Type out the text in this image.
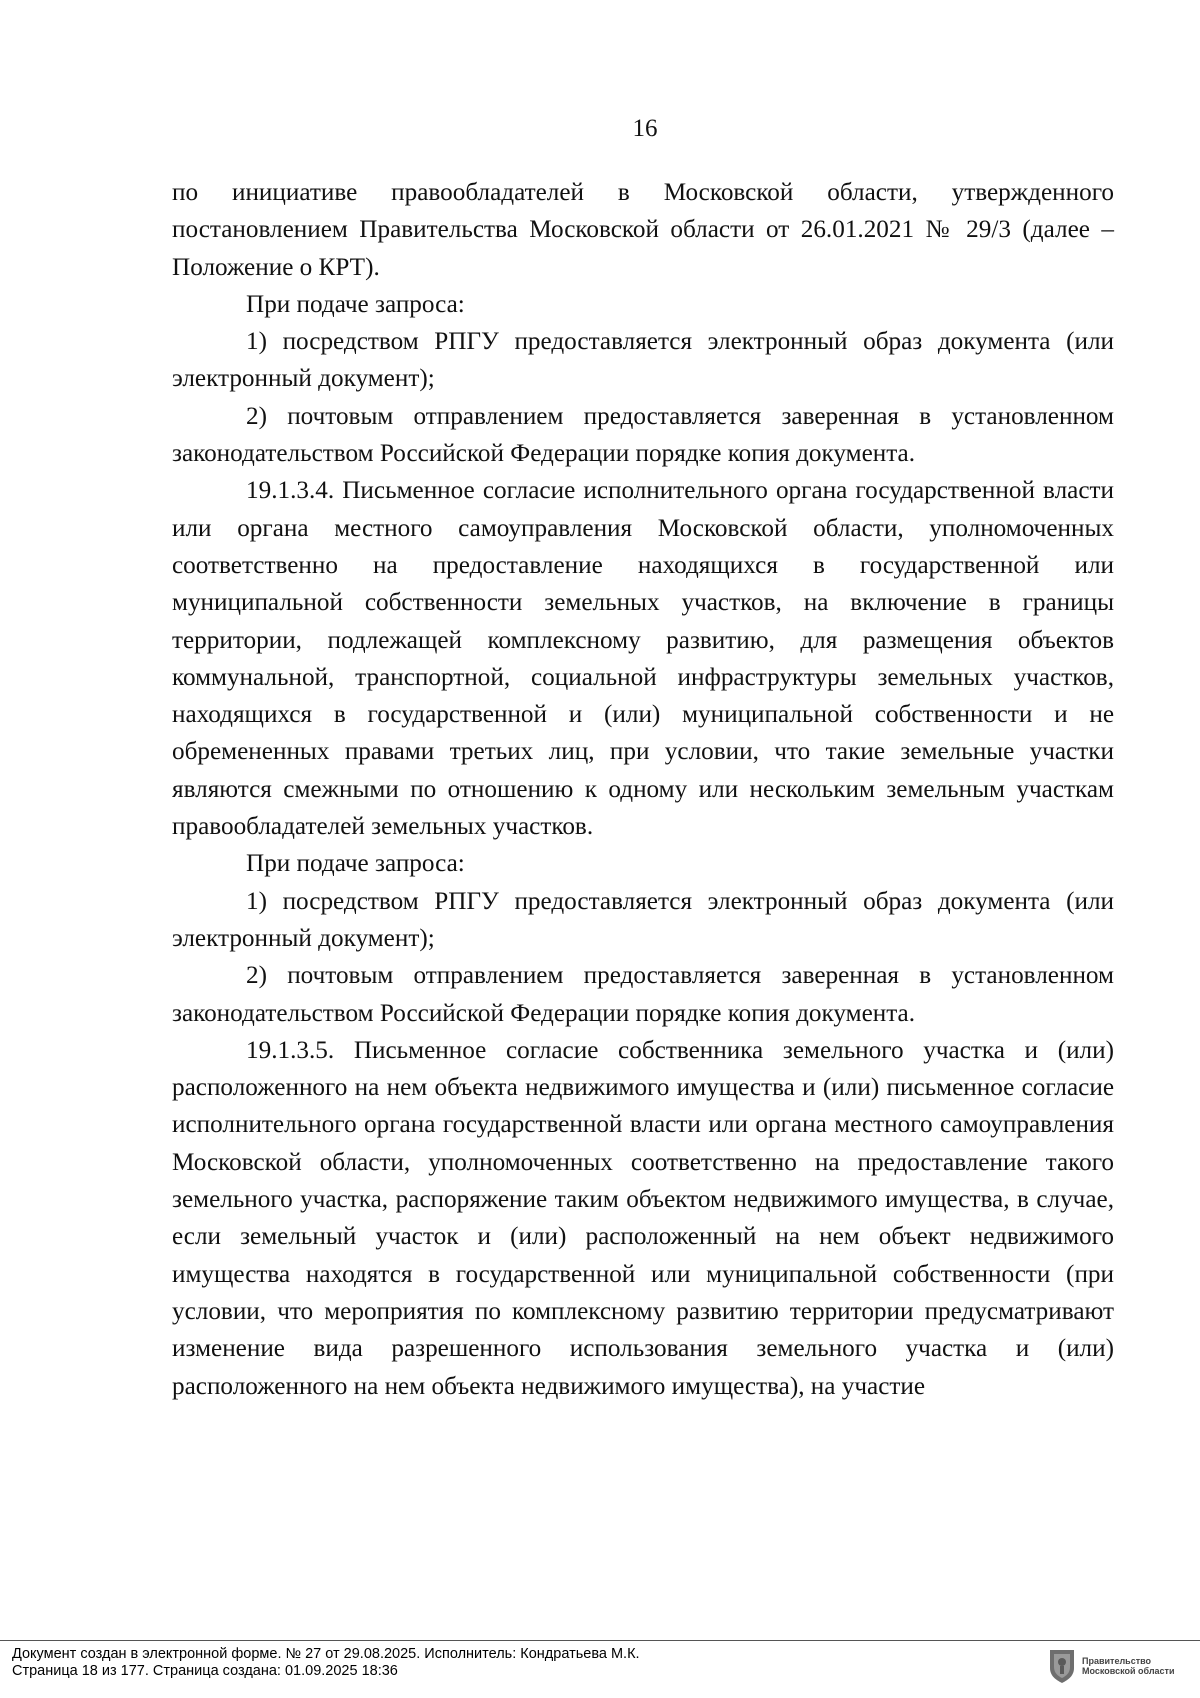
16

по инициативе правообладателей в Московской области, утвержденного постановлением Правительства Московской области от 26.01.2021 № 29/3 (далее – Положение о КРТ).

При подаче запроса:

1) посредством РПГУ предоставляется электронный образ документа (или электронный документ);

2) почтовым отправлением предоставляется заверенная в установленном законодательством Российской Федерации порядке копия документа.

19.1.3.4. Письменное согласие исполнительного органа государственной власти или органа местного самоуправления Московской области, уполномоченных соответственно на предоставление находящихся в государственной или муниципальной собственности земельных участков, на включение в границы территории, подлежащей комплексному развитию, для размещения объектов коммунальной, транспортной, социальной инфраструктуры земельных участков, находящихся в государственной и (или) муниципальной собственности и не обремененных правами третьих лиц, при условии, что такие земельные участки являются смежными по отношению к одному или нескольким земельным участкам правообладателей земельных участков.

При подаче запроса:

1) посредством РПГУ предоставляется электронный образ документа (или электронный документ);

2) почтовым отправлением предоставляется заверенная в установленном законодательством Российской Федерации порядке копия документа.

19.1.3.5. Письменное согласие собственника земельного участка и (или) расположенного на нем объекта недвижимого имущества и (или) письменное согласие исполнительного органа государственной власти или органа местного самоуправления Московской области, уполномоченных соответственно на предоставление такого земельного участка, распоряжение таким объектом недвижимого имущества, в случае, если земельный участок и (или) расположенный на нем объект недвижимого имущества находятся в государственной или муниципальной собственности (при условии, что мероприятия по комплексному развитию территории предусматривают изменение вида разрешенного использования земельного участка и (или) расположенного на нем объекта недвижимого имущества), на участие

Документ создан в электронной форме. № 27 от 29.08.2025. Исполнитель: Кондратьева М.К.
Страница 18 из 177. Страница создана: 01.09.2025 18:36
Правительство
Московской области
